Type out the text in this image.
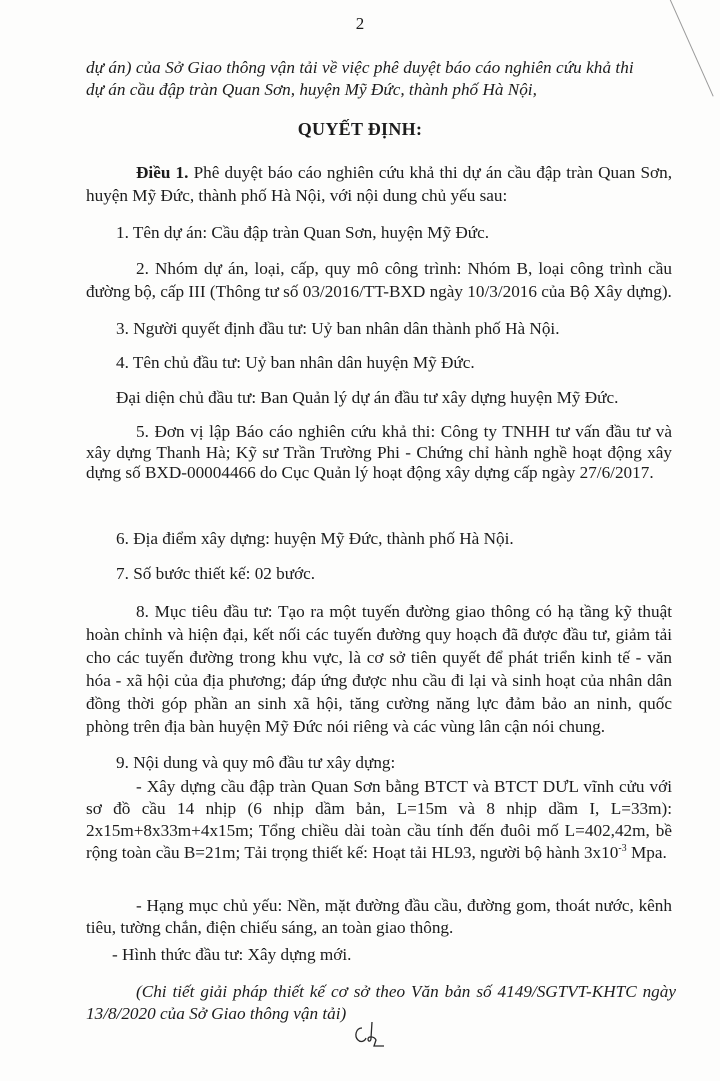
2
dự án) của Sở Giao thông vận tải về việc phê duyệt báo cáo nghiên cứu khả thi
dự án cầu đập tràn Quan Sơn, huyện Mỹ Đức, thành phố Hà Nội,
QUYẾT ĐỊNH:
Điều 1. Phê duyệt báo cáo nghiên cứu khả thi dự án cầu đập tràn Quan Sơn, huyện Mỹ Đức, thành phố Hà Nội, với nội dung chủ yếu sau:
1. Tên dự án: Cầu đập tràn Quan Sơn, huyện Mỹ Đức.
2. Nhóm dự án, loại, cấp, quy mô công trình: Nhóm B, loại công trình cầu đường bộ, cấp III (Thông tư số 03/2016/TT-BXD ngày 10/3/2016 của Bộ Xây dựng).
3. Người quyết định đầu tư: Uỷ ban nhân dân thành phố Hà Nội.
4. Tên chủ đầu tư: Uỷ ban nhân dân huyện Mỹ Đức.
Đại diện chủ đầu tư: Ban Quản lý dự án đầu tư xây dựng huyện Mỹ Đức.
5. Đơn vị lập Báo cáo nghiên cứu khả thi: Công ty TNHH tư vấn đầu tư và xây dựng Thanh Hà; Kỹ sư Trần Trường Phi - Chứng chỉ hành nghề hoạt động xây dựng số BXD-00004466 do Cục Quản lý hoạt động xây dựng cấp ngày 27/6/2017.
6. Địa điểm xây dựng: huyện Mỹ Đức, thành phố Hà Nội.
7. Số bước thiết kế: 02 bước.
8. Mục tiêu đầu tư: Tạo ra một tuyến đường giao thông có hạ tầng kỹ thuật hoàn chỉnh và hiện đại, kết nối các tuyến đường quy hoạch đã được đầu tư, giảm tải cho các tuyến đường trong khu vực, là cơ sở tiên quyết để phát triển kinh tế - văn hóa - xã hội của địa phương; đáp ứng được nhu cầu đi lại và sinh hoạt của nhân dân đồng thời góp phần an sinh xã hội, tăng cường năng lực đảm bảo an ninh, quốc phòng trên địa bàn huyện Mỹ Đức nói riêng và các vùng lân cận nói chung.
9. Nội dung và quy mô đầu tư xây dựng:
- Xây dựng cầu đập tràn Quan Sơn bằng BTCT và BTCT DƯL vĩnh cửu với sơ đồ cầu 14 nhịp (6 nhịp dầm bản, L=15m và 8 nhịp dầm I, L=33m): 2x15m+8x33m+4x15m; Tổng chiều dài toàn cầu tính đến đuôi mố L=402,42m, bề rộng toàn cầu B=21m; Tải trọng thiết kế: Hoạt tải HL93, người bộ hành $3x10^{-3}$ Mpa.
- Hạng mục chủ yếu: Nền, mặt đường đầu cầu, đường gom, thoát nước, kênh tiêu, tường chắn, điện chiếu sáng, an toàn giao thông.
- Hình thức đầu tư: Xây dựng mới.
(Chi tiết giải pháp thiết kế cơ sở theo Văn bản số 4149/SGTVT-KHTC ngày 13/8/2020 của Sở Giao thông vận tải)
